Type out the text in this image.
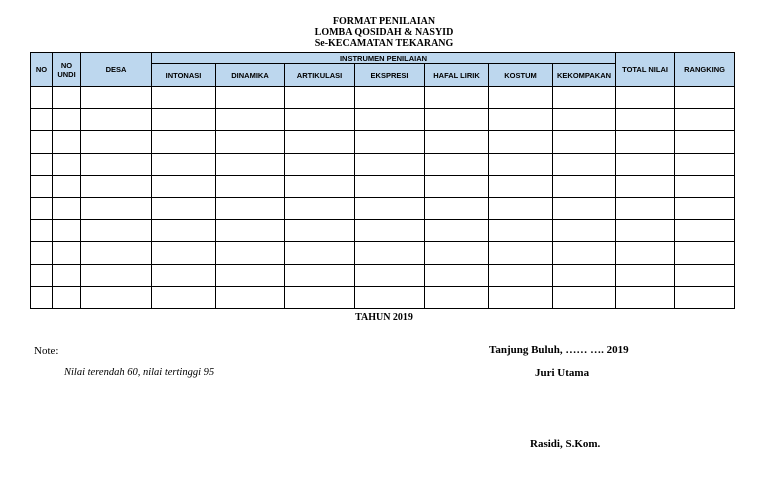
FORMAT PENILAIAN
LOMBA QOSIDAH & NASYID
Se-KECAMATAN TEKARANG
NO	NO UNDI	DESA	INSTRUMEN PENILAIAN							TOTAL NILAI	RANGKING
			INTONASI	DINAMIKA	ARTIKULASI	EKSPRESI	HAFAL LIRIK	KOSTUM	KEKOMPAKAN		

TAHUN 2019
Note:
Nilai terendah 60, nilai tertinggi 95
Tanjung Buluh, …… …. 2019
Juri Utama
Rasidi, S.Kom.
